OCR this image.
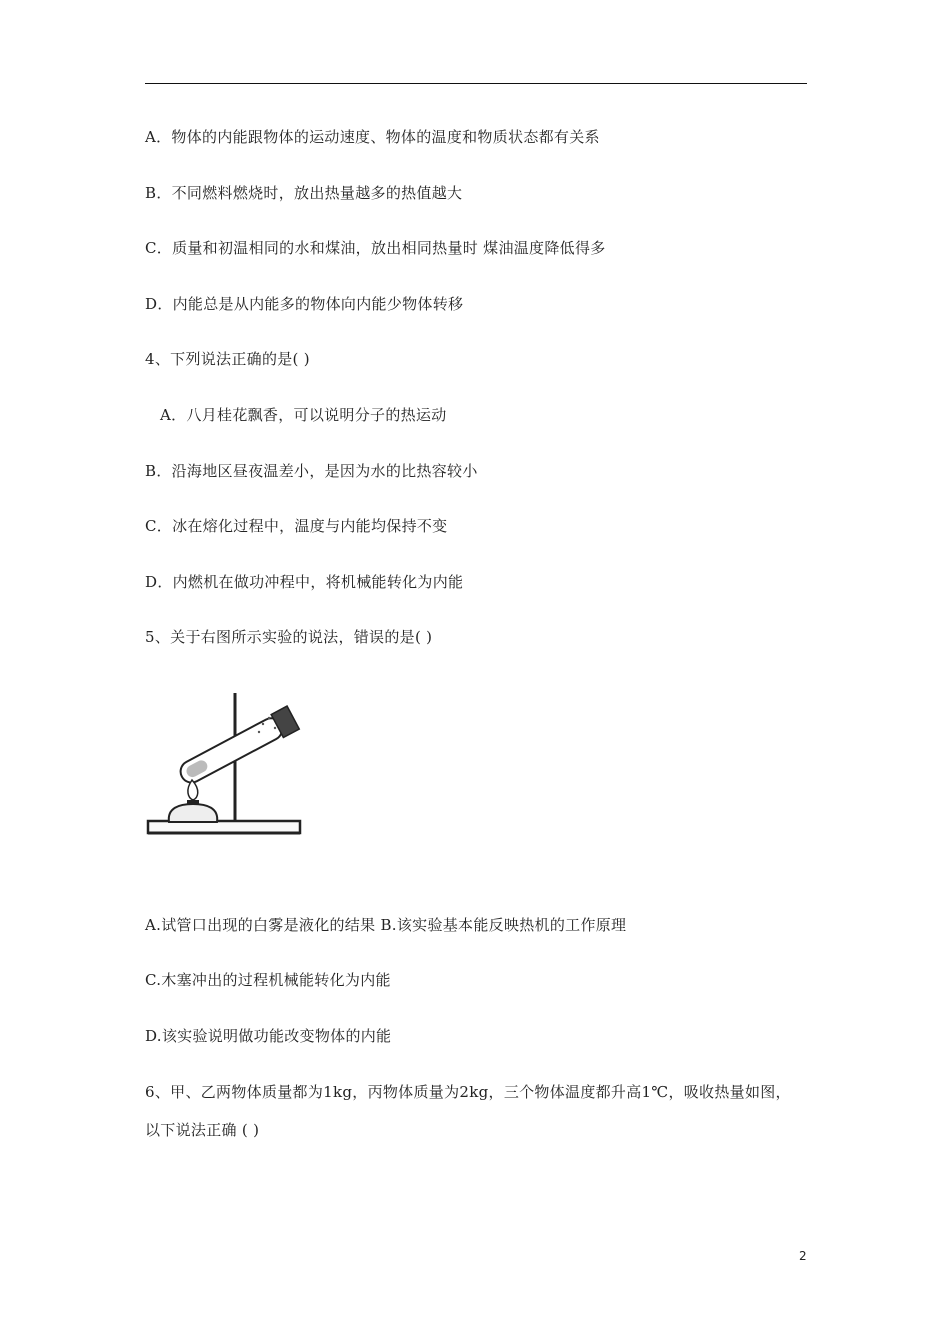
A．物体的内能跟物体的运动速度、物体的温度和物质状态都有关系
B．不同燃料燃烧时，放出热量越多的热值越大
C．质量和初温相同的水和煤油，放出相同热量时 煤油温度降低得多
D．内能总是从内能多的物体向内能少物体转移
4、下列说法正确的是( )
A．八月桂花飘香，可以说明分子的热运动
B．沿海地区昼夜温差小，是因为水的比热容较小
C．冰在熔化过程中，温度与内能均保持不变
D．内燃机在做功冲程中，将机械能转化为内能
5、关于右图所示实验的说法，错误的是( )
A.试管口出现的白雾是液化的结果 B.该实验基本能反映热机的工作原理
C.木塞冲出的过程机械能转化为内能
D.该实验说明做功能改变物体的内能
6、甲、乙两物体质量都为1kg，丙物体质量为2kg，三个物体温度都升高1℃，吸收热量如图，
以下说法正确 ( )
2
